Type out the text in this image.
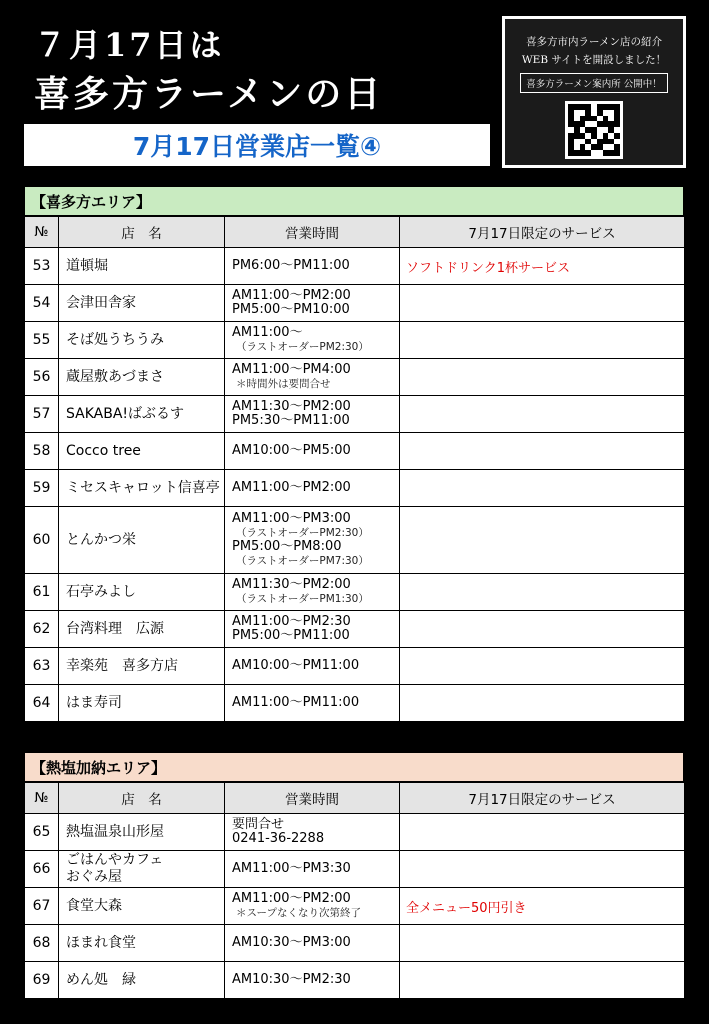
７月17日は
喜多方ラーメンの日
7月17日営業店一覧④
喜多方市内ラーメン店の紹介
WEB サイトを開設しました！
喜多方ラーメン案内所 公開中！
【喜多方エリア】
№	店　名	営業時間	7月17日限定のサービス
53	道頓堀	PM6:00～PM11:00	ソフトドリンク1杯サービス
54	会津田舎家	AM11:00～PM2:00
PM5:00～PM10:00	

55	そば処うちうみ	AM11:00～
（ラストオーダーPM2:30）	

56	蔵屋敷あづまさ	AM11:00～PM4:00
＊時間外は要問合せ	

57	SAKABA!ばぶるす	AM11:30～PM2:00
PM5:30～PM11:00	

58	Cocco tree	AM10:00～PM5:00	

59	ミセスキャロット信喜亭	AM11:00～PM2:00	

60	とんかつ栄	AM11:00～PM3:00
（ラストオーダーPM2:30）
PM5:00～PM8:00
（ラストオーダーPM7:30）	

61	石亭みよし	AM11:30～PM2:00
（ラストオーダーPM1:30）	

62	台湾料理　広源	AM11:00～PM2:30
PM5:00～PM11:00	

63	幸楽苑　喜多方店	AM10:00～PM11:00	

64	はま寿司	AM11:00～PM11:00	

【熱塩加納エリア】
№	店　名	営業時間	7月17日限定のサービス
65	熱塩温泉山形屋	要問合せ
0241-36-2288	

66	ごはんやカフェ
おぐみ屋	AM11:00～PM3:30	

67	食堂大森	AM11:00～PM2:00
＊スープなくなり次第終了	全メニュー50円引き
68	ほまれ食堂	AM10:30～PM3:00	

69	めん処　緑	AM10:30～PM2:30	
